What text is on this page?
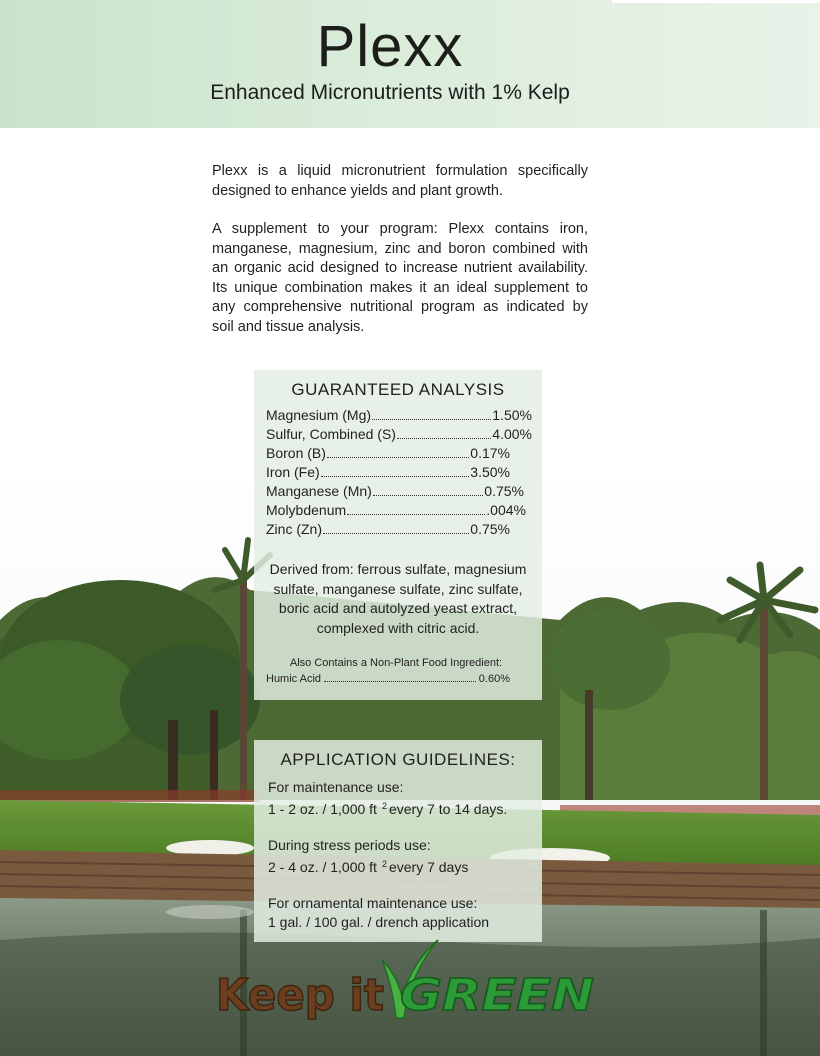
Plexx
Enhanced Micronutrients with 1% Kelp

Plexx is a liquid micronutrient formulation specifically designed to enhance yields and plant growth.

A supplement to your program: Plexx contains iron, manganese, magnesium, zinc and boron combined with an organic acid designed to increase nutrient availability. Its unique combination makes it an ideal supplement to any comprehensive nutritional program as indicated by soil and tissue analysis.

GUARANTEED ANALYSIS
Magnesium (Mg)	1.50%
Sulfur, Combined (S)	4.00%
Boron (B)	0.17%
Iron (Fe)	3.50%
Manganese (Mn)	0.75%
Molybdenum	.004%
Zinc (Zn)	0.75%
Derived from: ferrous sulfate, magnesium sulfate, manganese sulfate, zinc sulfate, boric acid and autolyzed yeast extract, complexed with citric acid.
Also Contains a Non-Plant Food Ingredient:
Humic Acid	0.60%
APPLICATION GUIDELINES:
For maintenance use:
1 - 2 oz. / 1,000 ft $^2$ every 7 to 14 days.
During stress periods use:
2 - 4 oz. / 1,000 ft $^2$ every 7 days
For ornamental maintenance use:
1 gal. / 100 gal. / drench application
Keep it GREEN
